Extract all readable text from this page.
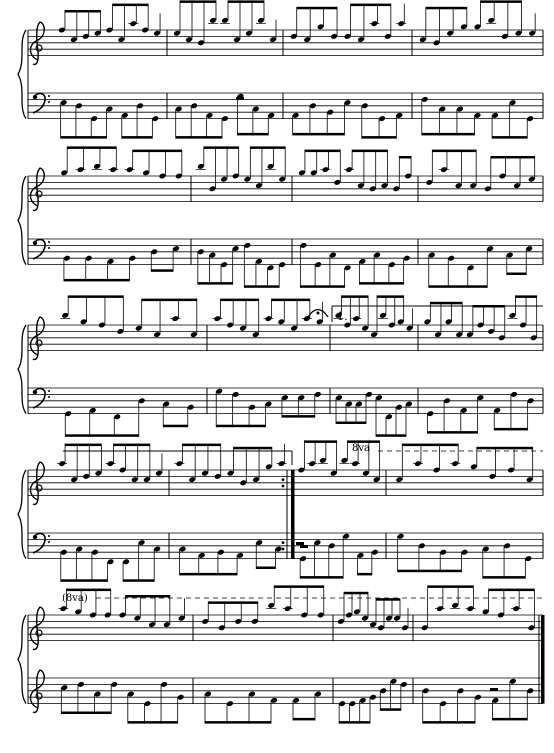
1.
8va
(8va)
